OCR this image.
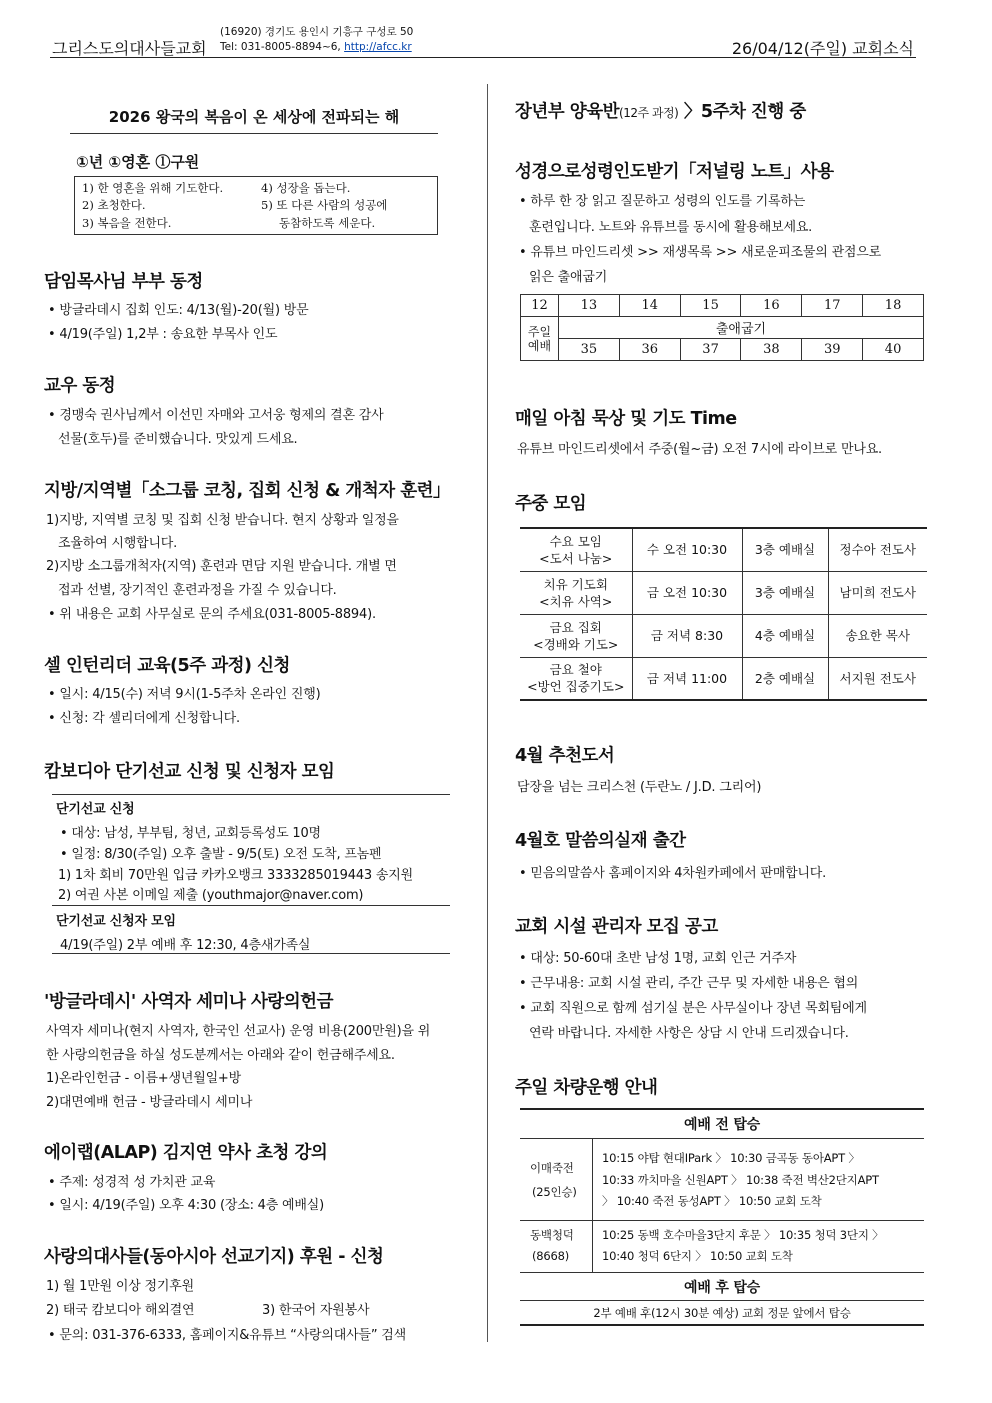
그리스도의대사들교회
(16920) 경기도 용인시 기흥구 구성로 50
Tel: 031-8005-8894~6, http://afcc.kr	26/04/12(주일) 교회소식
2026 왕국의 복음이 온 세상에 전파되는 해
①년 ①영혼 ⓛ구원
1) 한 영혼을 위해 기도한다.
2) 초청한다.
3) 복음을 전한다.
4) 성장을 돕는다.
5) 또 다른 사람의 성공에
동참하도록 세운다.
담임목사님 부부 동정
• 방글라데시 집회 인도: 4/13(월)-20(월) 방문
• 4/19(주일) 1,2부 : 송요한 부목사 인도
교우 동정
• 경맹숙 권사님께서 이선민 자매와 고서웅 형제의 결혼 감사
선물(호두)를 준비했습니다. 맛있게 드세요.
지방/지역별「소그룹 코칭, 집회 신청 & 개척자 훈련」
1)지방, 지역별 코칭 및 집회 신청 받습니다. 현지 상황과 일정을
조율하여 시행합니다.
2)지방 소그룹개척자(지역) 훈련과 면담 지원 받습니다. 개별 면
접과 선별, 장기적인 훈련과정을 가질 수 있습니다.
• 위 내용은 교회 사무실로 문의 주세요(031-8005-8894).
셀 인턴리더 교육(5주 과정) 신청
• 일시: 4/15(수) 저녁 9시(1-5주차 온라인 진행)
• 신청: 각 셀리더에게 신청합니다.
캄보디아 단기선교 신청 및 신청자 모임
단기선교 신청
• 대상: 남성, 부부팀, 청년, 교회등록성도 10명
• 일정: 8/30(주일) 오후 출발 - 9/5(토) 오전 도착, 프놈펜
1) 1차 회비 70만원 입금 카카오뱅크 3333285019443 송지원
2) 여권 사본 이메일 제출 (youthmajor@naver.com)
단기선교 신청자 모임
4/19(주일) 2부 예배 후 12:30, 4층새가족실
'방글라데시' 사역자 세미나 사랑의헌금
사역자 세미나(현지 사역자, 한국인 선교사) 운영 비용(200만원)을 위
한 사랑의헌금을 하실 성도분께서는 아래와 같이 헌금해주세요.
1)온라인헌금 - 이름+생년월일+방
2)대면예배 헌금 - 방글라데시 세미나
에이랩(ALAP) 김지연 약사 초청 강의
• 주제: 성경적 성 가치관 교육
• 일시: 4/19(주일) 오후 4:30 (장소: 4층 예배실)
사랑의대사들(동아시아 선교기지) 후원 - 신청
1) 월 1만원 이상 정기후원
2) 태국 캄보디아 해외결연	3) 한국어 자원봉사
• 문의: 031-376-6333, 홈페이지&유튜브 “사랑의대사들” 검색
장년부 양육반(12주 과정) 〉5주차 진행 중
성경으로성령인도받기「저널링 노트」사용
• 하루 한 장 읽고 질문하고 성령의 인도를 기록하는
훈련입니다. 노트와 유튜브를 동시에 활용해보세요.
• 유튜브 마인드리셋 >> 재생목록 >> 새로운피조물의 관점으로
읽은 출애굽기
12	13	14	15	16	17	18
주일 예배	출애굽기					
	35	36	37	38	39	40
매일 아침 묵상 및 기도 Time
유튜브 마인드리셋에서 주중(월~금) 오전 7시에 라이브로 만나요.
주중 모임
수요 모임
<도서 나눔>	수 오전 10:30	3층 예배실	정수아 전도사
치유 기도회
<치유 사역>	금 오전 10:30	3층 예배실	남미희 전도사
금요 집회
<경배와 기도>	금 저녁 8:30	4층 예배실	송요한 목사
금요 철야
<방언 집중기도>	금 저녁 11:00	2층 예배실	서지원 전도사
4월 추천도서
담장을 넘는 크리스천 (두란노 / J.D. 그리어)
4월호 말씀의실재 출간
• 믿음의말씀사 홈페이지와 4차원카페에서 판매합니다.
교회 시설 관리자 모집 공고
• 대상: 50-60대 초반 남성 1명, 교회 인근 거주자
• 근무내용: 교회 시설 관리, 주간 근무 및 자세한 내용은 협의
• 교회 직원으로 함께 섬기실 분은 사무실이나 장년 목회팀에게
연락 바랍니다. 자세한 사항은 상담 시 안내 드리겠습니다.
주일 차량운행 안내
예배 전 탑승
이매죽전
(25인승)
10:15 야탑 현대IPark 〉 10:30 금곡동 동아APT 〉
10:33 까치마을 신원APT 〉 10:38 죽전 벽산2단지APT
〉 10:40 죽전 동성APT 〉 10:50 교회 도착
동백청덕
(8668)
10:25 동백 호수마을3단지 후문 〉 10:35 청덕 3단지 〉
10:40 청덕 6단지 〉 10:50 교회 도착
예배 후 탑승
2부 예배 후(12시 30분 예상) 교회 정문 앞에서 탑승
